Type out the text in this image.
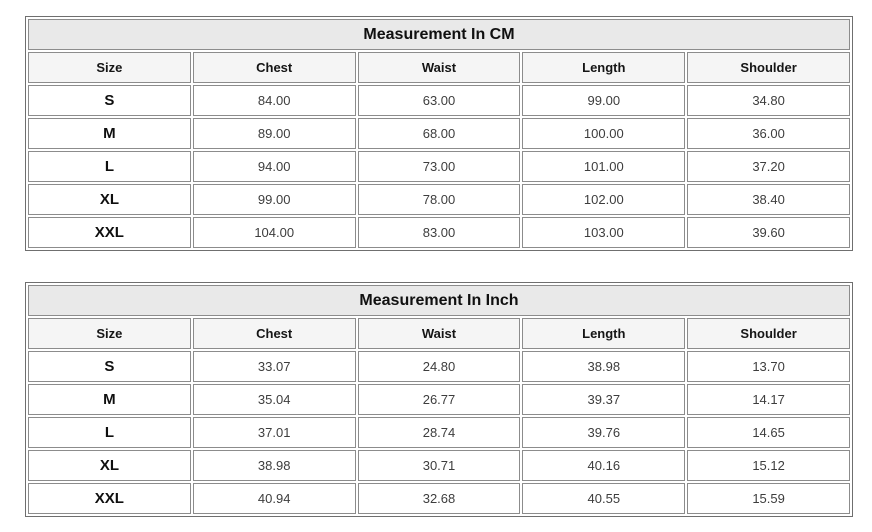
Measurement In CM				
Size	Chest	Waist	Length	Shoulder
S	84.00	63.00	99.00	34.80
M	89.00	68.00	100.00	36.00
L	94.00	73.00	101.00	37.20
XL	99.00	78.00	102.00	38.40
XXL	104.00	83.00	103.00	39.60
Measurement In Inch				
Size	Chest	Waist	Length	Shoulder
S	33.07	24.80	38.98	13.70
M	35.04	26.77	39.37	14.17
L	37.01	28.74	39.76	14.65
XL	38.98	30.71	40.16	15.12
XXL	40.94	32.68	40.55	15.59
